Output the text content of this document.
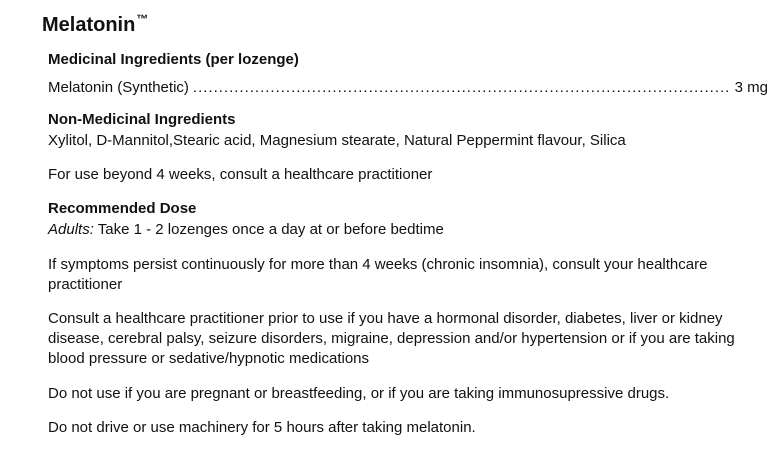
Melatonin™
Medicinal Ingredients (per lozenge)
Melatonin (Synthetic)
.....	3 mg
Non-Medicinal Ingredients
Xylitol, D-Mannitol,Stearic acid, Magnesium stearate, Natural Peppermint flavour, Silica
For use beyond 4 weeks, consult a healthcare practitioner
Recommended Dose
Adults: Take 1 - 2 lozenges once a day at or before bedtime
If symptoms persist continuously for more than 4 weeks (chronic insomnia), consult your healthcare practitioner
Consult a healthcare practitioner prior to use if you have a hormonal disorder, diabetes, liver or kidney disease, cerebral palsy, seizure disorders, migraine, depression and/or hypertension or if you are taking blood pressure or sedative/hypnotic medications
Do not use if you are pregnant or breastfeeding, or if you are taking immunosupressive drugs.
Do not drive or use machinery for 5 hours after taking melatonin.
